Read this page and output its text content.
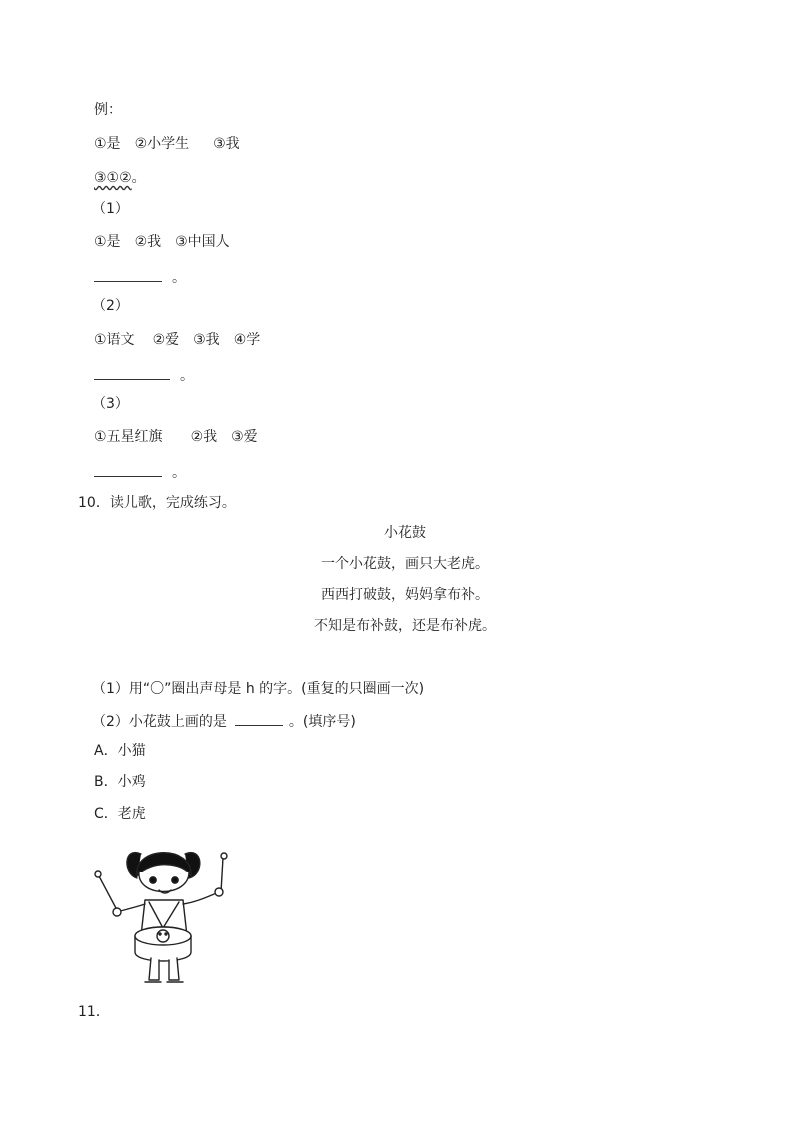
例：
①是 ②小学生 ③我
③①②。
（1）
①是 ②我 ③中国人
。
（2）
①语文 ②爱 ③我 ④学
。
（3）
①五星红旗 ②我 ③爱
。
10．读儿歌，完成练习。
小花鼓
一个小花鼓，画只大老虎。
西西打破鼓，妈妈拿布补。
不知是布补鼓，还是布补虎。
（1）用“〇”圈出声母是 h 的字。(重复的只圈画一次)
（2）小花鼓上画的是	。(填序号)
A．小猫
B．小鸡
C．老虎
11．
